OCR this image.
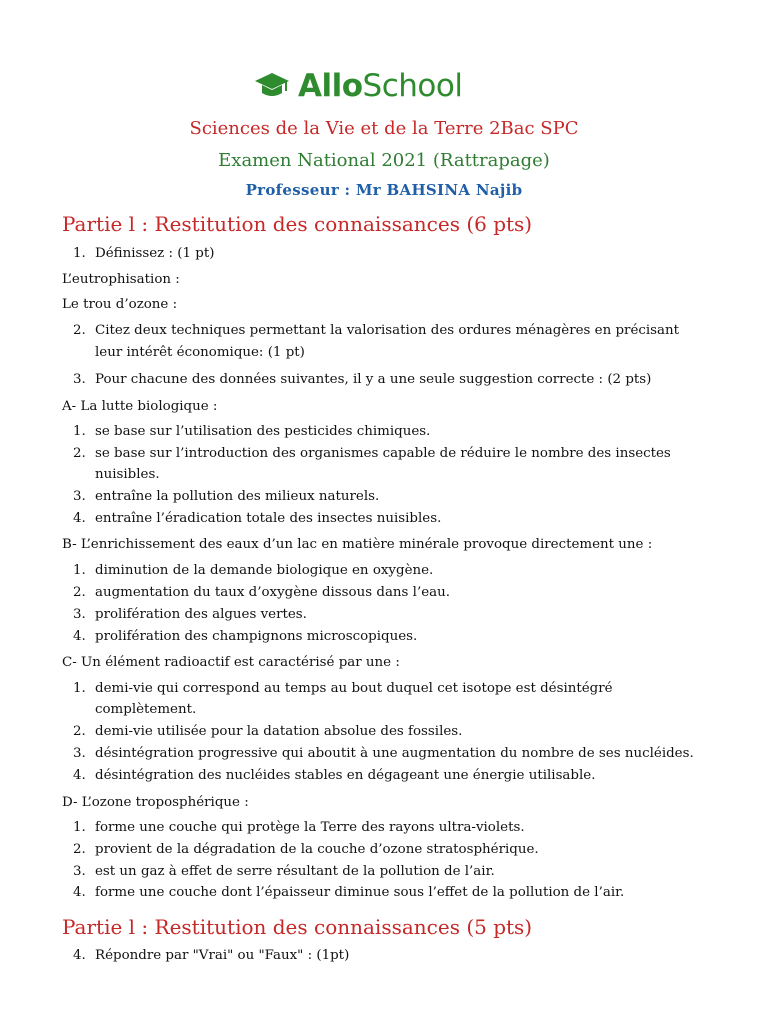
AlloSchool
Sciences de la Vie et de la Terre 2Bac SPC
Examen National 2021 (Rattrapage)
Professeur : Mr BAHSINA Najib
Partie l : Restitution des connaissances (6 pts)
1. Définissez : (1 pt)
L’eutrophisation :
Le trou d’ozone :
2. Citez deux techniques permettant la valorisation des ordures ménagères en précisant
leur intérêt économique: (1 pt)
3. Pour chacune des données suivantes, il y a une seule suggestion correcte : (2 pts)
A- La lutte biologique :
1. se base sur l’utilisation des pesticides chimiques.
2. se base sur l’introduction des organismes capable de réduire le nombre des insectes
nuisibles.
3. entraîne la pollution des milieux naturels.
4. entraîne l’éradication totale des insectes nuisibles.
B- L’enrichissement des eaux d’un lac en matière minérale provoque directement une :
1. diminution de la demande biologique en oxygène.
2. augmentation du taux d’oxygène dissous dans l’eau.
3. prolifération des algues vertes.
4. prolifération des champignons microscopiques.
C- Un élément radioactif est caractérisé par une :
1. demi-vie qui correspond au temps au bout duquel cet isotope est désintégré
complètement.
2. demi-vie utilisée pour la datation absolue des fossiles.
3. désintégration progressive qui aboutit à une augmentation du nombre de ses nucléides.
4. désintégration des nucléides stables en dégageant une énergie utilisable.
D- L’ozone troposphérique :
1. forme une couche qui protège la Terre des rayons ultra-violets.
2. provient de la dégradation de la couche d’ozone stratosphérique.
3. est un gaz à effet de serre résultant de la pollution de l’air.
4. forme une couche dont l’épaisseur diminue sous l’effet de la pollution de l’air.
Partie l : Restitution des connaissances (5 pts)
4. Répondre par "Vrai" ou "Faux" : (1pt)
